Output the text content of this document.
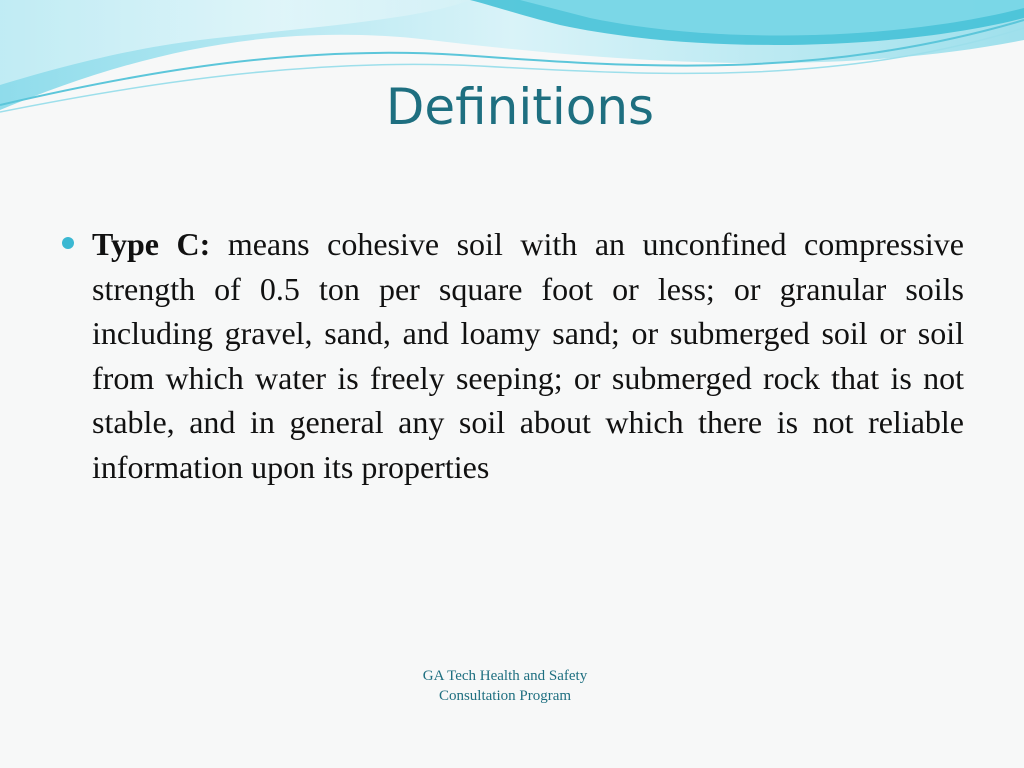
Definitions
Type C: means cohesive soil with an unconfined compressive strength of 0.5 ton per square foot or less; or granular soils including gravel, sand, and loamy sand; or submerged soil or soil from which water is freely seeping; or submerged rock that is not stable, and in general any soil about which there is not reliable information upon its properties
GA Tech Health and Safety
Consultation Program
